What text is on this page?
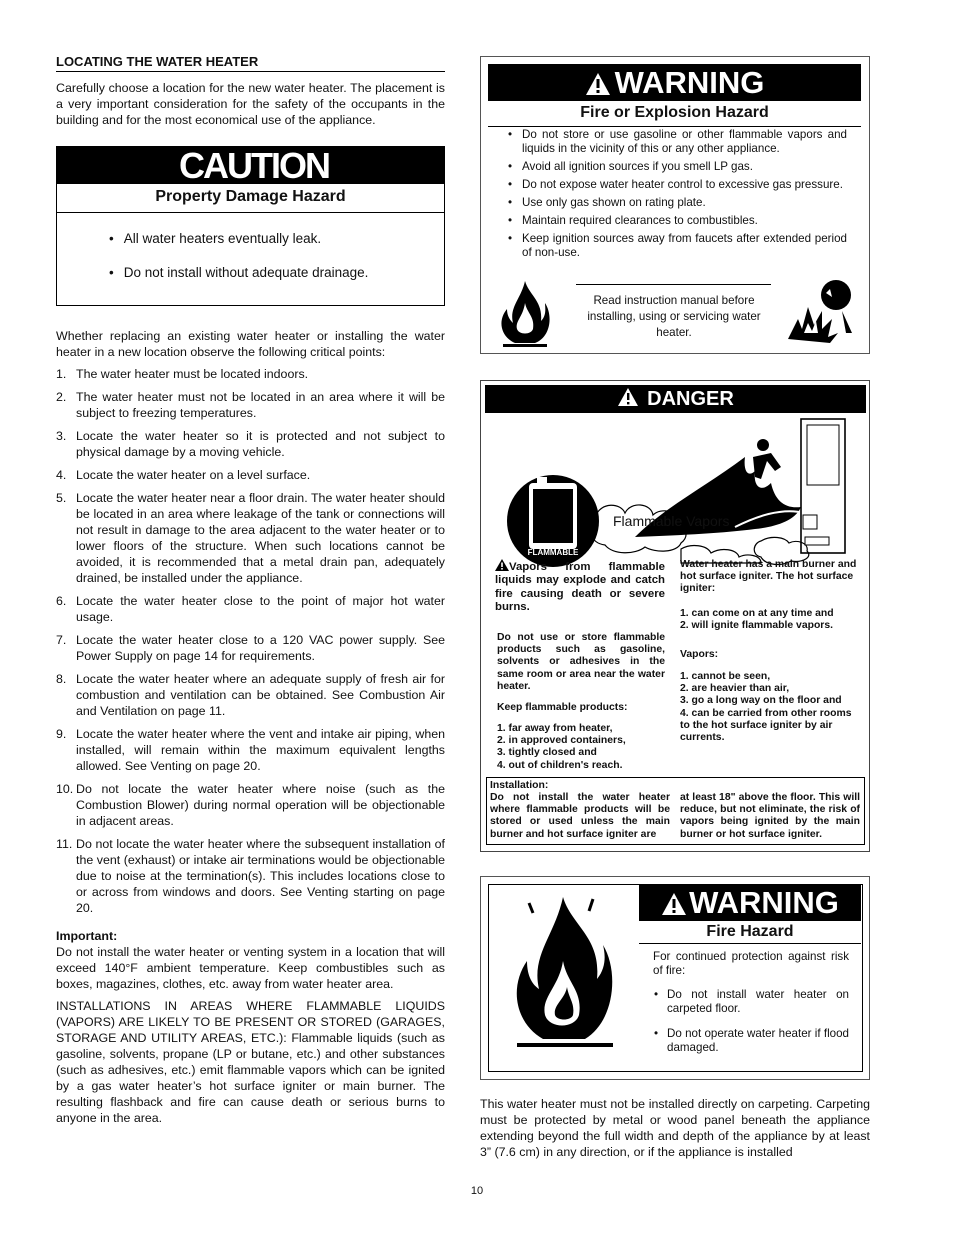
LOCATING THE WATER HEATER

Carefully choose a location for the new water heater. The placement is a very important consideration for the safety of the occupants in the building and for the most economical use of the appliance.

CAUTION
Property Damage Hazard
• All water heaters eventually leak.
• Do not install without adequate drainage.

Whether replacing an existing water heater or installing the water heater in a new location observe the following critical points:

1. The water heater must be located indoors.
2. The water heater must not be located in an area where it will be subject to freezing temperatures.
3. Locate the water heater so it is protected and not subject to physical damage by a moving vehicle.
4. Locate the water heater on a level surface.
5. Locate the water heater near a floor drain. The water heater should be located in an area where leakage of the tank or connections will not result in damage to the area adjacent to the water heater or to lower floors of the structure. When such locations cannot be avoided, it is recommended that a metal drain pan, adequately drained, be installed under the appliance.
6. Locate the water heater close to the point of major hot water usage.
7. Locate the water heater close to a 120 VAC power supply. See Power Supply on page 14 for requirements.
8. Locate the water heater where an adequate supply of fresh air for combustion and ventilation can be obtained. See Combustion Air and Ventilation on page 11.
9. Locate the water heater where the vent and intake air piping, when installed, will remain within the maximum equivalent lengths allowed. See Venting on page 20.
10. Do not locate the water heater where noise (such as the Combustion Blower) during normal operation will be objectionable in adjacent areas.
11. Do not locate the water heater where the subsequent installation of the vent (exhaust) or intake air terminations would be objectionable due to noise at the termination(s). This includes locations close to or across from windows and doors. See Venting starting on page 20.
Important:

Do not install the water heater or venting system in a location that will exceed 140°F ambient temperature. Keep combustibles such as boxes, magazines, clothes, etc. away from water heater area.

INSTALLATIONS IN AREAS WHERE FLAMMABLE LIQUIDS (VAPORS) ARE LIKELY TO BE PRESENT OR STORED (GARAGES, STORAGE AND UTILITY AREAS, ETC.): Flammable liquids (such as gasoline, solvents, propane (LP or butane, etc.) and other substances (such as adhesives, etc.) emit flammable vapors which can be ignited by a gas water heater’s hot surface igniter or main burner. The resulting flashback and fire can cause death or serious burns to anyone in the area.

WARNING
Fire or Explosion Hazard
• Do not store or use gasoline or other flammable vapors and liquids in the vicinity of this or any other appliance.
• Avoid all ignition sources if you smell LP gas.
• Do not expose water heater control to excessive gas pressure.
• Use only gas shown on rating plate.
• Maintain required clearances to combustibles.
• Keep ignition sources away from faucets after extended period of non-use.
Read instruction manual before installing, using or servicing water heater.
DANGER
FLAMMABLE
Flammable Vapors

Vapors from flammable liquids may explode and catch fire causing death or severe burns.

Do not use or store flammable products such as gasoline, solvents or adhesives in the same room or area near the water heater.

Keep flammable products:
1. far away from heater,
2. in approved containers,
3. tightly closed and
4. out of children's reach.
Water heater has a main burner and hot surface igniter. The hot surface igniter:
1. can come on at any time and
2. will ignite flammable vapors.
Vapors:
1. cannot be seen,
2. are heavier than air,
3. go a long way on the floor and
4. can be carried from other rooms to the hot surface igniter by air currents.
Installation:

Do not install the water heater where flammable products will be stored or used unless the main burner and hot surface igniter are

at least 18" above the floor. This will reduce, but not eliminate, the risk of vapors being ignited by the main burner or hot surface igniter.

WARNING
Fire Hazard

For continued protection against risk of fire:

• Do not install water heater on carpeted floor.
• Do not operate water heater if flood damaged.

This water heater must not be installed directly on carpeting. Carpeting must be protected by metal or wood panel beneath the appliance extending beyond the full width and depth of the appliance by at least 3” (7.6 cm) in any direction, or if the appliance is installed

10
